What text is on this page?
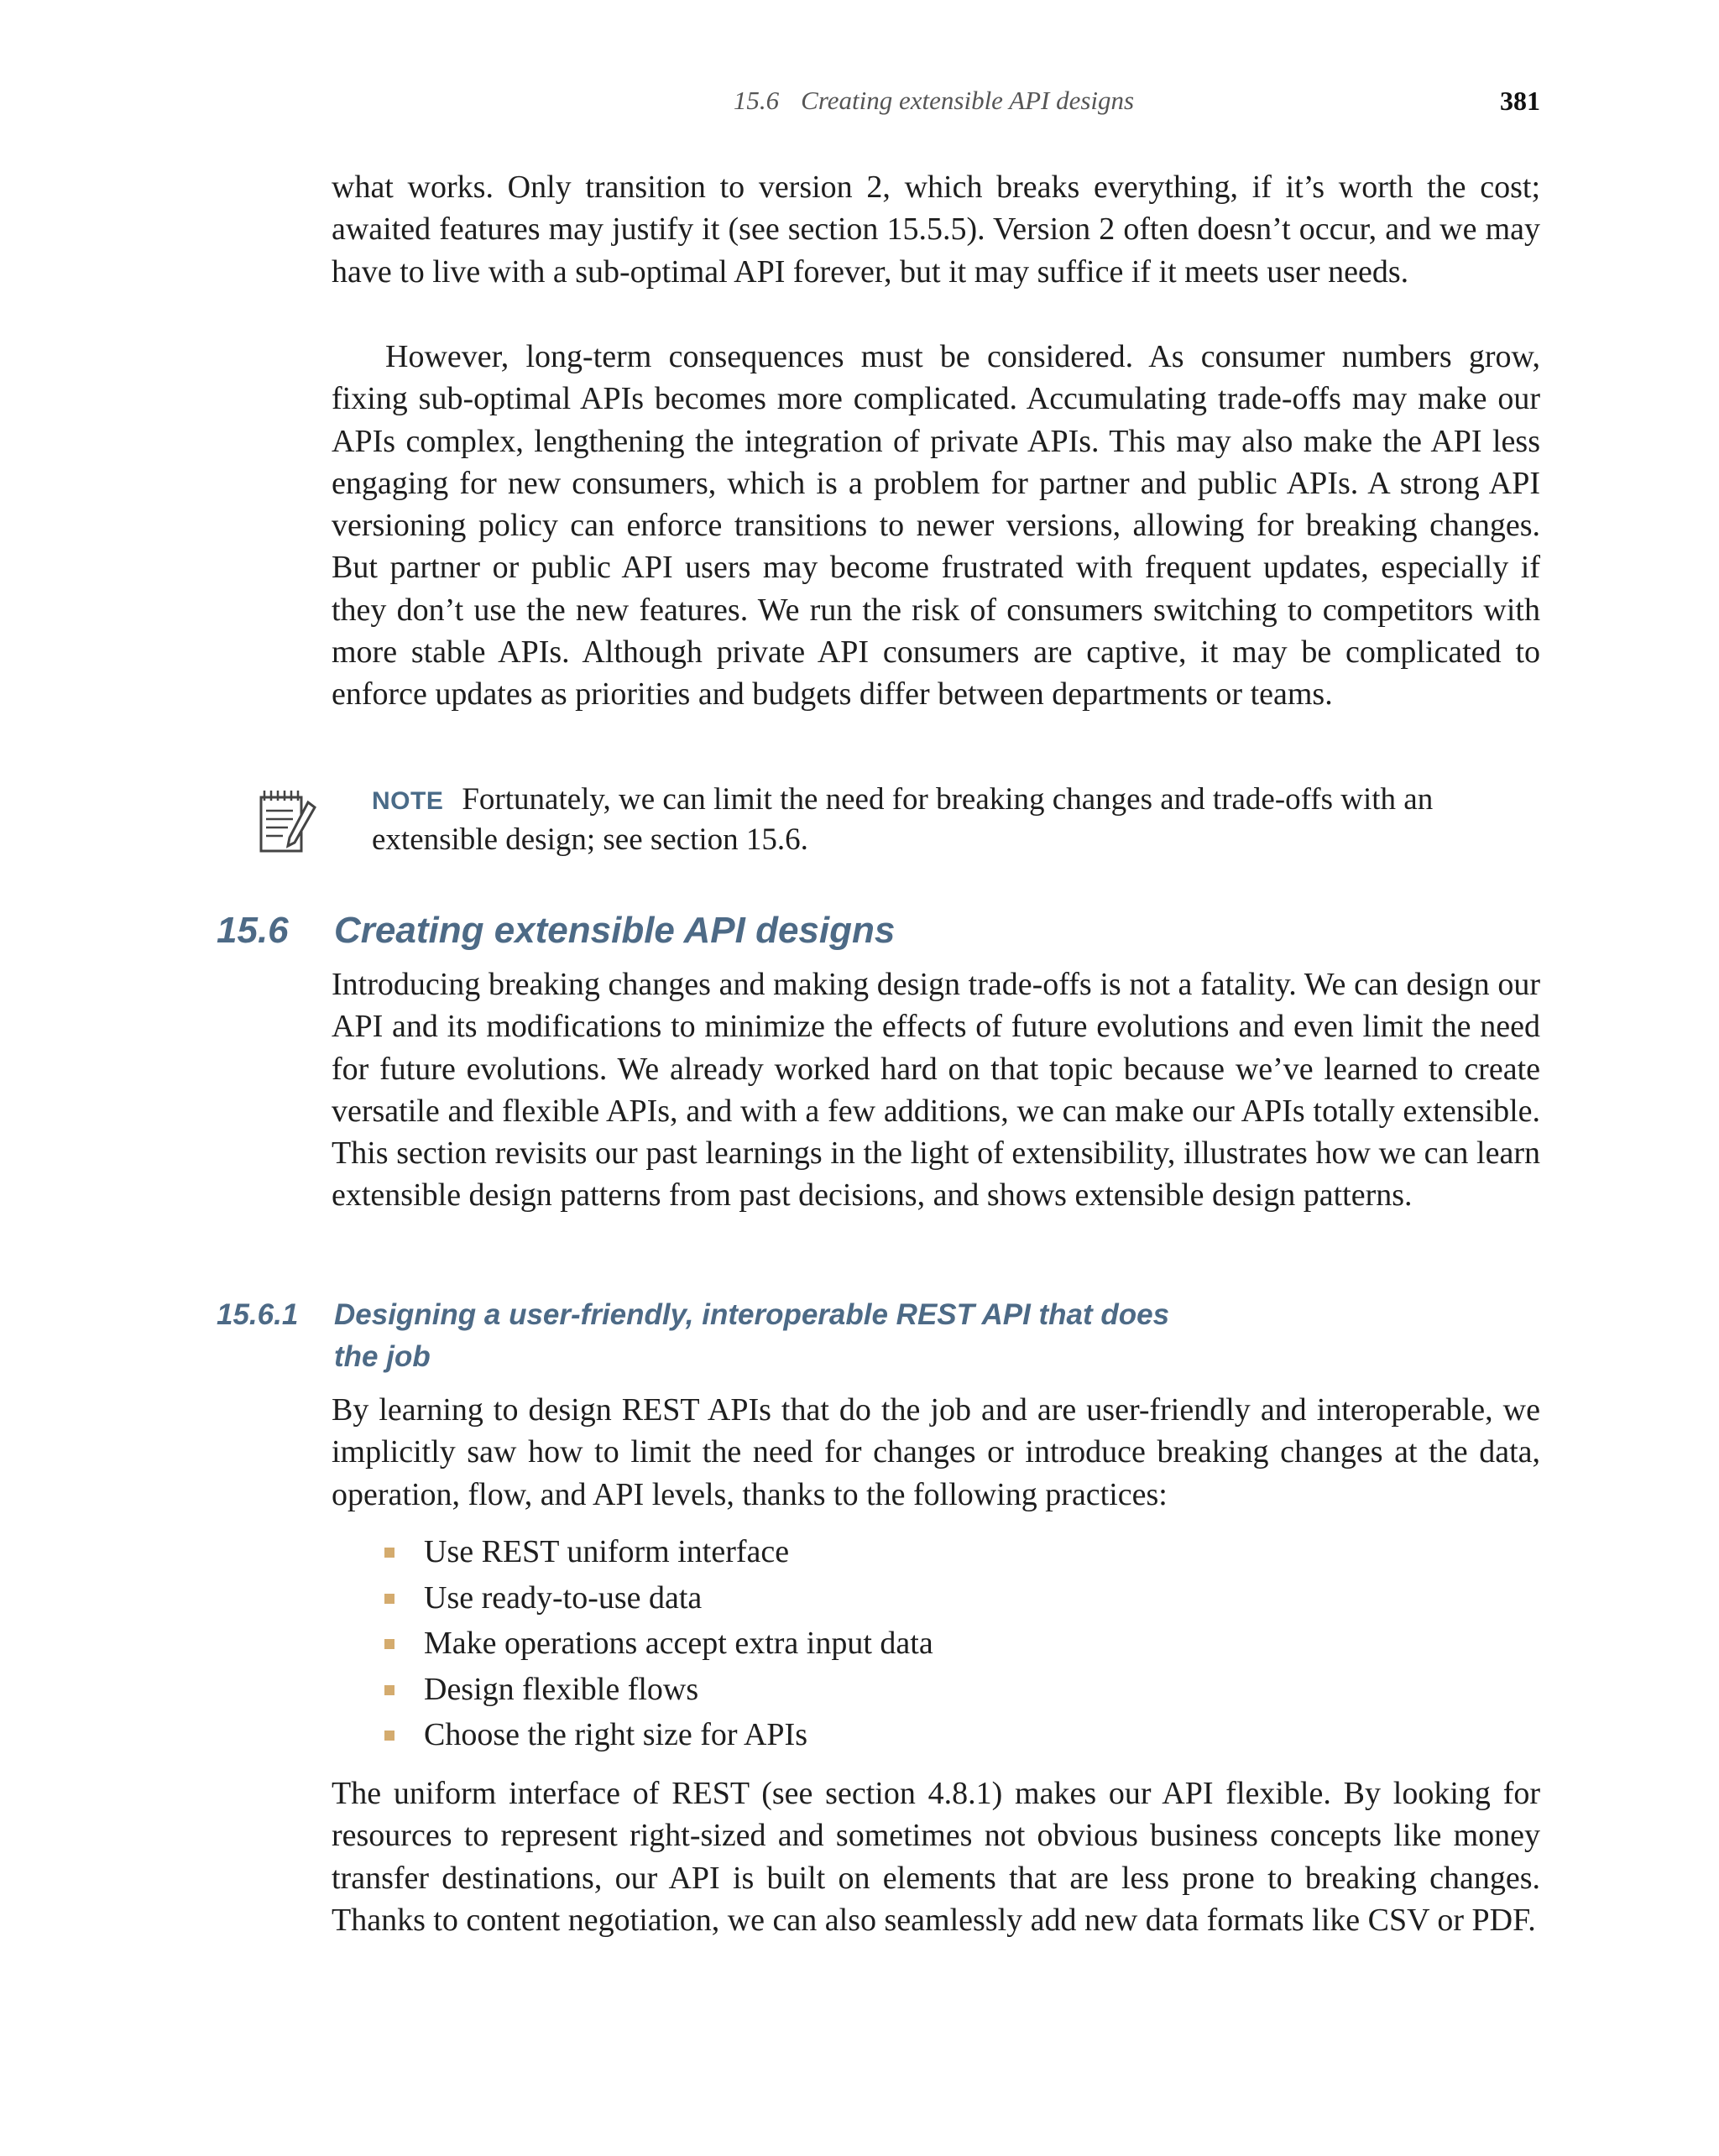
15.6 Creating extensible API designs	381

what works. Only transition to version 2, which breaks everything, if it’s worth the cost; awaited features may justify it (see section 15.5.5). Version 2 often doesn’t occur, and we may have to live with a sub-optimal API forever, but it may suffice if it meets user needs.

However, long-term consequences must be considered. As consumer numbers grow, fixing sub-optimal APIs becomes more complicated. Accumulating trade-offs may make our APIs complex, lengthening the integration of private APIs. This may also make the API less engaging for new consumers, which is a problem for partner and public APIs. A strong API versioning policy can enforce transitions to newer versions, allowing for breaking changes. But partner or public API users may become frustrated with frequent updates, especially if they don’t use the new features. We run the risk of consumers switching to competitors with more stable APIs. Although private API consumers are captive, it may be complicated to enforce updates as priorities and budgets differ between departments or teams.

NOTE Fortunately, we can limit the need for breaking changes and trade-offs with an extensible design; see section 15.6.
15.6 Creating extensible API designs

Introducing breaking changes and making design trade-offs is not a fatality. We can design our API and its modifications to minimize the effects of future evolutions and even limit the need for future evolutions. We already worked hard on that topic because we’ve learned to create versatile and flexible APIs, and with a few additions, we can make our APIs totally extensible. This section revisits our past learnings in the light of extensibility, illustrates how we can learn extensible design patterns from past decisions, and shows extensible design patterns.

15.6.1 Designing a user-friendly, interoperable REST API that does the job

By learning to design REST APIs that do the job and are user-friendly and interoperable, we implicitly saw how to limit the need for changes or introduce breaking changes at the data, operation, flow, and API levels, thanks to the following practices:

Use REST uniform interface
Use ready-to-use data
Make operations accept extra input data
Design flexible flows
Choose the right size for APIs

The uniform interface of REST (see section 4.8.1) makes our API flexible. By looking for resources to represent right-sized and sometimes not obvious business concepts like money transfer destinations, our API is built on elements that are less prone to breaking changes. Thanks to content negotiation, we can also seamlessly add new data formats like CSV or PDF.
